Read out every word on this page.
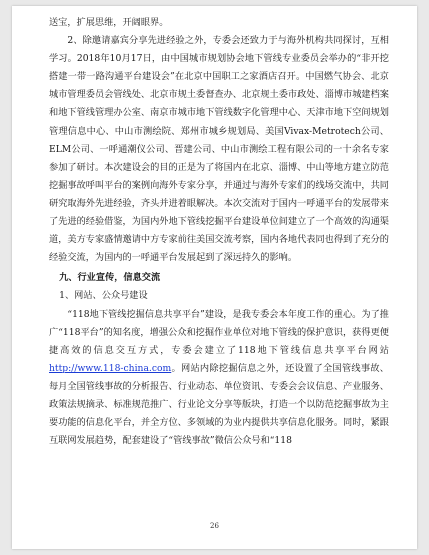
送宝，扩展思维，开阔眼界。

2、除邀请嘉宾分享先进经验之外，专委会还致力于与海外机构共同探讨，互相学习。2018年10月17日，由中国城市规划协会地下管线专业委员会举办的“非开挖搭建一带一路沟通平台建设会”在北京中国职工之家酒店召开。中国燃气协会、北京城市管理委员会管线处、北京市规土委督查办、北京规土委市政处、淄博市城建档案和地下管线管理办公室、南京市城市地下管线数字化管理中心、天津市地下空间规划管理信息中心、中山市测绘院、郑州市城乡规划局、美国Vivax-Metrotech公司、ELM公司、一呼通潮仪公司、晋建公司、中山市测绘工程有限公司的一十余名专家参加了研讨。本次建设会的目的正是为了将国内在北京、淄博、中山等地方建立防范挖掘事故呼叫平台的案例向海外专家分享，并通过与海外专家们的线场交流中，共同研究取海外先进经验，齐头并进着眼解决。本次交流对于国内一呼通平台的发展带来了先进的经验借鉴，为国内外地下管线挖掘平台建设单位间建立了一个高效的沟通渠道，美方专家盛情邀请中方专家前往美国交流考察，国内各地代表同也得到了充分的经验交流，为国内的一呼通平台发展起到了深远持久的影响。

九、行业宣传，信息交流

1、网站、公众号建设

“118地下管线挖掘信息共享平台”建设，是我专委会本年度工作的重心。为了推广“118平台”的知名度，增强公众和挖掘作业单位对地下管线的保护意识，获得更便捷高效的信息交互方式，专委会建立了118地下管线信息共享平台网站http://www.118-china.com。网站内除挖掘信息之外，还设置了全国管线事故、每月全国管线事故的分析报告、行业动态、单位资讯、专委会会议信息、产业服务、政策法规摘录、标准规范推广、行业论文分享等版块，打造一个以防范挖掘事故为主要功能的信息化平台，并全方位、多领域的为业内提供共享信息化服务。同时，紧跟互联网发展趋势，配套建设了“管线事故”微信公众号和“118

26
